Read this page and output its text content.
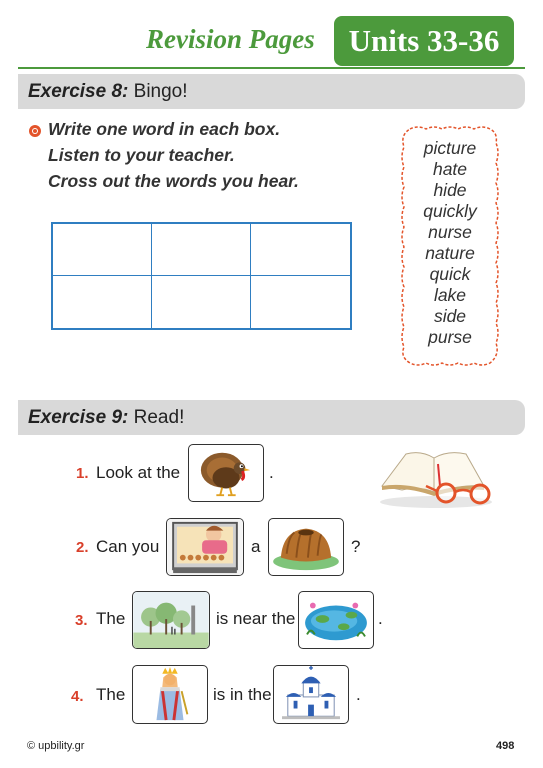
Revision Pages	Units 33-36
Exercise 8: Bingo!
Write one word in each box.
Listen to your teacher.
Cross out the words you hear.
picture
hate
hide
quickly
nurse
nature
quick
lake
side
purse
Exercise 9: Read!
1. Look at the	.
2. Can you	a	?
3. The	is near the	.
4. The	is in the	.
© upbility.gr	498
